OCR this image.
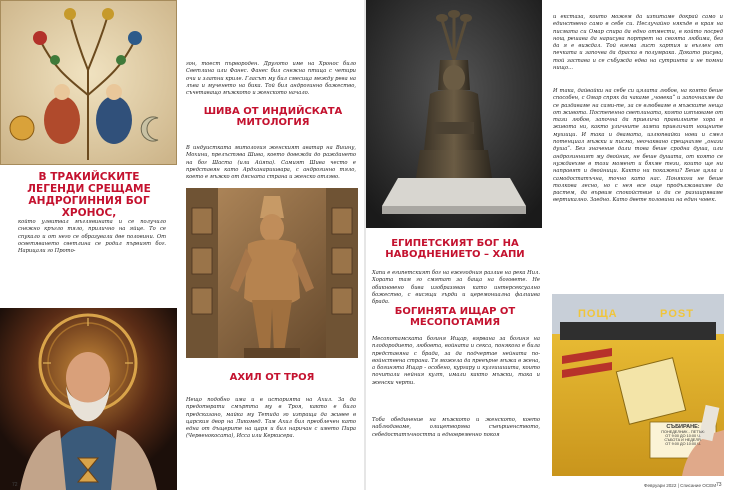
В ТРАКИЙСКИТЕ ЛЕГЕНДИ СРЕЩАМЕ АНДРОГИННИЯ БОГ ХРОНОС,

който улвитвал мъглявината и се получило снежно кръгло тяло, прилично на яйце. То се спукало и от него се образували две половини. От осветяването светлина се родил първият бог. Нарицали го Прото-

гон, тоест първороден. Другото име на Хронос било Светлина или Фанес. Фанес бил снежна птица с четири очи и златни криле. Гласът му бил смесица между рева на лъва и мученето на бика. Той бил андрогинно божество, съчетаващо мъжкото и женското начало.

ШИВА ОТ ИНДИЙСКАТА МИТОЛОГИЯ

В индуистката митология женският аватар на Вишну, Мохини, прелъстява Шива, което довежда до раждането на бог Шаста (или Айяпа). Самият Шива често е представян като Ардханаришвара, с андрогинно тяло, което е мъжко от дясната страна и женско отляво.

АХИЛ ОТ ТРОЯ

Нещо подобно има и в историята на Ахил. За да предотврати смъртта му в Троя, както е било предсказано, майка му Тетида го изпраща да живее в царския двор на Ликомед. Там Ахил бил преоблечен като една от дъщерите на царя и бил наричан с името Пира (Червенокосата), Исса или Керкисера.

72
ЕГИПЕТСКИЯТ БОГ НА НАВОДНЕНИЕТО – ХАПИ

Хапи е египетският бог на ежегодния разлив на река Нил. Хората там го смятат за баща на боговете. Не обикновено бива изобразяван като интерсексуално божество, с висящи гърди и церемониална фалшива брада.

БОГИНЯТА ИЩАР ОТ МЕСОПОТАМИЯ

Месопотамската богиня Ищар, вярвана за богиня на плодородието, любовта, войната и секса, понякога е била представяна с брада, за да подчертае нейната по-войнствена страна. Тя можела да превърне мъжа в жена, а богинята Ищар - особено, кургару и кулгишшита, които почитали нейния култ, имали както мъжки, така и женски черти.

Тоба обединение на мъжкото и женското, което наблюдаваме, олицетворява съвършенството, себедостатъчността и едновременно покоя

и екстаза, които можем да изпитаме докрай само и единствено само в себе си. Неслучайно някъде в края на писмата си Омар спира да едно отмести, в който посред нощ решава да нарисува портрет на своята любима, без да я е виждал. Той взема лист хартия и въглен от печката и започва да драска в полумрака. Докато рисува, той застава и се събужда едва на сутринта и не помни нищо...

И така, дайвайки на себе си цялата любов, на която беше способен, с Омар спрях да чакаме „човека“ и започнахме да се раздаваме на сами-те, за се влюбваме в мъжките неща от живота. Постепенно светлината, която изпъкваме от тази любов, започна да привлича правилните хора в живота ни, както уличните лампи привличат нощните мушици. И така и двамата, излюпвайки нови и смел потенциал мъжки и писма, неочаквано срещнахме „онази душа“. Без значение дали това беше сродна душа, или андрогинният му двойник, не беше душата, от която се нуждаехме в този момент и бяхме тези, които ще ни направят и двойници. Както ни покажеш? Беше цяла и самодостатъчна, точно като нас. Понякога не беше толкова лесно, но с нея все още продължавахме да растем, да вървим спокойствие и да се разширяваме вертикално. Заедно. Като двете половини на един човек.

ПОЩА	POST
СЪБИРАНЕ:
ПОНЕДЕЛНИК - ПЕТЪК:
ОТ 9:00 ДО 10:00 Ч.
СЪБОТА И НЕДЕЛЯ:
ОТ 9:00 ДО 10:00 Ч.
Февруари 2022 | Списание ОСЕМ 73
